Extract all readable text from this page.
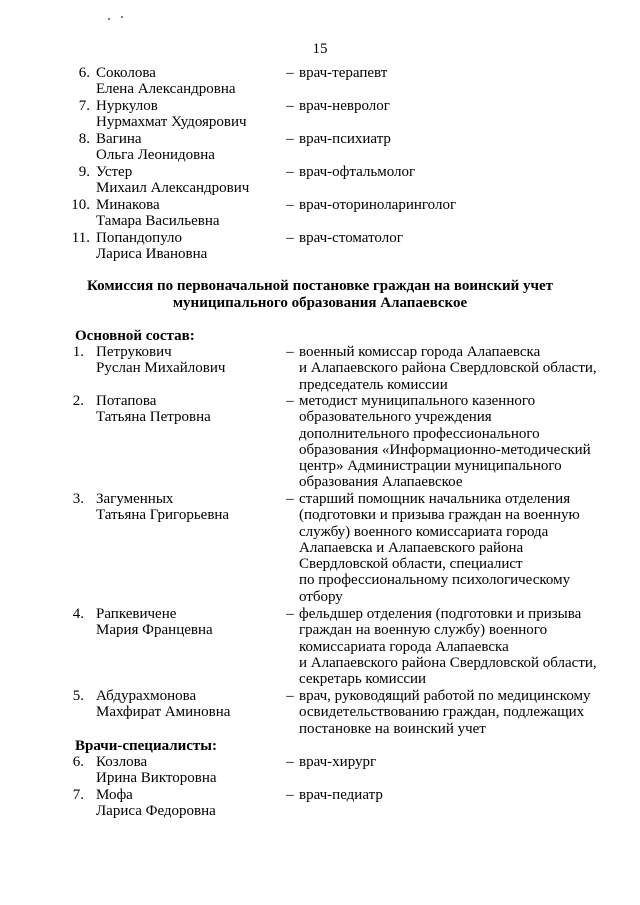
15
6. Соколова
Елена Александровна
– врач-терапевт
7. Нуркулов
Нурмахмат Худоярович
– врач-невролог
8. Вагина
Ольга Леонидовна
– врач-психиатр
9. Устер
Михаил Александрович
– врач-офтальмолог
10. Минакова
Тамара Васильевна
– врач-оториноларинголог
11. Попандопуло
Лариса Ивановна
– врач-стоматолог
Комиссия по первоначальной постановке граждан на воинский учет
муниципального образования Алапаевское
Основной состав:
1. Петрукович
Руслан Михайлович
– военный комиссар города Алапаевска
и Алапаевского района Свердловской области,
председатель комиссии
2. Потапова
Татьяна Петровна
– методист муниципального казенного
образовательного учреждения
дополнительного профессионального
образования «Информационно-методический
центр» Администрации муниципального
образования Алапаевское
3. Загуменных
Татьяна Григорьевна
– старший помощник начальника отделения
(подготовки и призыва граждан на военную
службу) военного комиссариата города
Алапаевска и Алапаевского района
Свердловской области, специалист
по профессиональному психологическому
отбору
4. Рапкевичене
Мария Францевна
– фельдшер отделения (подготовки и призыва
граждан на военную службу) военного
комиссариата города Алапаевска
и Алапаевского района Свердловской области,
секретарь комиссии
5. Абдурахмонова
Махфират Аминовна
– врач, руководящий работой по медицинскому
освидетельствованию граждан, подлежащих
постановке на воинский учет
Врачи-специалисты:
6. Козлова
Ирина Викторовна
– врач-хирург
7. Мофа
Лариса Федоровна
– врач-педиатр
